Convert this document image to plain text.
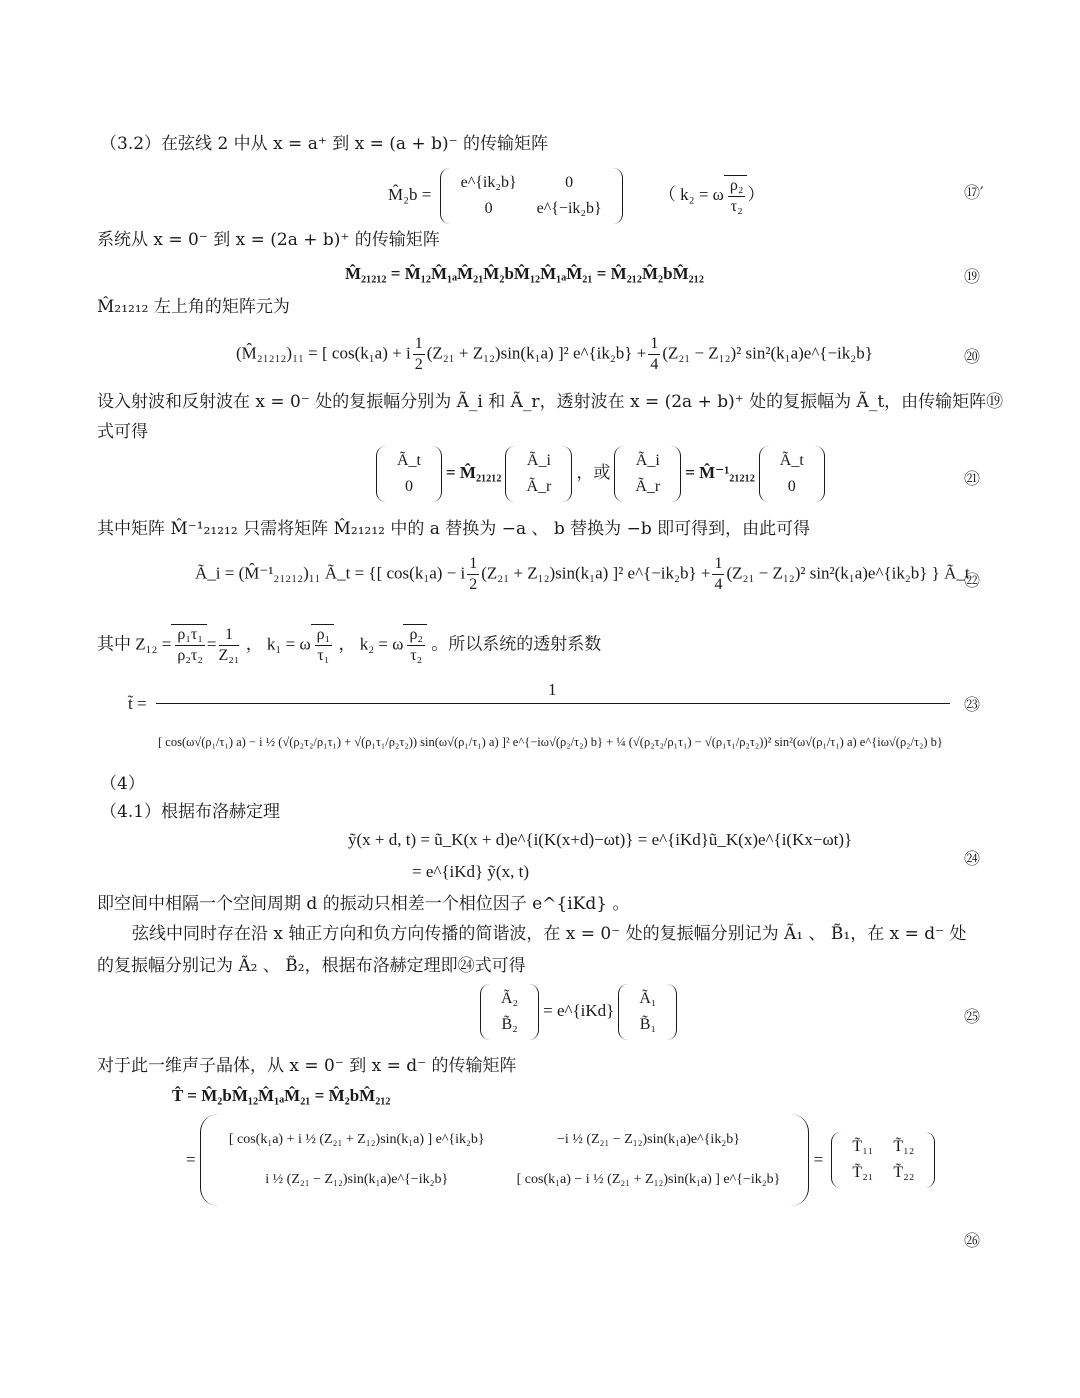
（3.2）在弦线 2 中从 x = a⁺ 到 x = (a + b)⁻ 的传输矩阵
M̂₂b =
e^{ik₂b}	0
0	e^{−ik₂b}
（ k₂ = ω $\frac{\text{ρ₂}}{\text{τ₂}}$ ）	⑰′
系统从 x = 0⁻ 到 x = (2a + b)⁺ 的传输矩阵
M̂₂₁₂₁₂ = M̂₁₂M̂₁ₐM̂₂₁M̂₂bM̂₁₂M̂₁ₐM̂₂₁ = M̂₂₁₂M̂₂bM̂₂₁₂	⑲
M̂₂₁₂₁₂ 左上角的矩阵元为
(M̂₂₁₂₁₂)₁₁ = [ cos(k₁a) + i $\frac{1}{2} (Z_{21} + Z_{12})\sin(k_1a)$ ]² e^{ik₂b} + $\frac{1}{4} (Z_{21} - Z_{12})^2$ sin²(k₁a)e^{−ik₂b}	⑳
设入射波和反射波在 x = 0⁻ 处的复振幅分别为 Ã_i 和 Ã_r，透射波在 x = (2a + b)⁺ 处的复振幅为 Ã_t，由传输矩阵⑲
式可得
Ã_t
0
= M̂₂₁₂₁₂
Ã_i
Ã_r
，或
Ã_i
Ã_r
= M̂⁻¹₂₁₂₁₂
Ã_t
0	㉑
其中矩阵 M̂⁻¹₂₁₂₁₂ 只需将矩阵 M̂₂₁₂₁₂ 中的 a 替换为 −a 、 b 替换为 −b 即可得到，由此可得
Ã_i = (M̂⁻¹₂₁₂₁₂)₁₁ Ã_t = {[ cos(k₁a) − i $\frac{1}{2} (Z_{21} + Z_{12})\sin(k_1a)$ ]² e^{−ik₂b} + $\frac{1}{4} (Z_{21} - Z_{12})^2$ sin²(k₁a)e^{ik₂b} } Ã_t
㉒
其中 $Z_{12} = \frac{\text{ρ₁τ₁}}{\text{ρ₂τ₂}} = \frac{1}{\text{Z₂₁}}$ ， k₁ = ω $\frac{\text{ρ₁}}{\text{τ₁}}$ ， k₂ = ω $\frac{\text{ρ₂}}{\text{τ₂}}$ 。所以系统的透射系数
t̃ =
1
[ cos(ω√(ρ₁/τ₁) a) − i ½ (√(ρ₂τ₂/ρ₁τ₁) + √(ρ₁τ₁/ρ₂τ₂)) sin(ω√(ρ₁/τ₁) a) ]² e^{−iω√(ρ₂/τ₂) b} + ¼ (√(ρ₂τ₂/ρ₁τ₁) − √(ρ₁τ₁/ρ₂τ₂))² sin²(ω√(ρ₁/τ₁) a) e^{iω√(ρ₂/τ₂) b}
㉓
（4）
（4.1）根据布洛赫定理
ỹ(x + d, t) = ũ_K(x + d)e^{i(K(x+d)−ωt)} = e^{iKd}ũ_K(x)e^{i(Kx−ωt)}
= e^{iKd} ỹ(x, t)
㉔
即空间中相隔一个空间周期 d 的振动只相差一个相位因子 e^{iKd} 。
弦线中同时存在沿 x 轴正方向和负方向传播的简谐波，在 x = 0⁻ 处的复振幅分别记为 Ã₁ 、 B̃₁，在 x = d⁻ 处
的复振幅分别记为 Ã₂ 、 B̃₂，根据布洛赫定理即㉔式可得
Ã₂
B̃₂
= e^{iKd}
Ã₁
B̃₁	㉕
对于此一维声子晶体，从 x = 0⁻ 到 x = d⁻ 的传输矩阵
T̂ = M̂₂bM̂₁₂M̂₁ₐM̂₂₁ = M̂₂bM̂₂₁₂
=
[ cos(k₁a) + i ½ (Z₂₁ + Z₁₂)sin(k₁a) ] e^{ik₂b}	−i ½ (Z₂₁ − Z₁₂)sin(k₁a)e^{ik₂b}
i ½ (Z₂₁ − Z₁₂)sin(k₁a)e^{−ik₂b}	[ cos(k₁a) − i ½ (Z₂₁ + Z₁₂)sin(k₁a) ] e^{−ik₂b}
=
T̃₁₁	T̃₁₂
T̃₂₁	T̃₂₂
㉖
